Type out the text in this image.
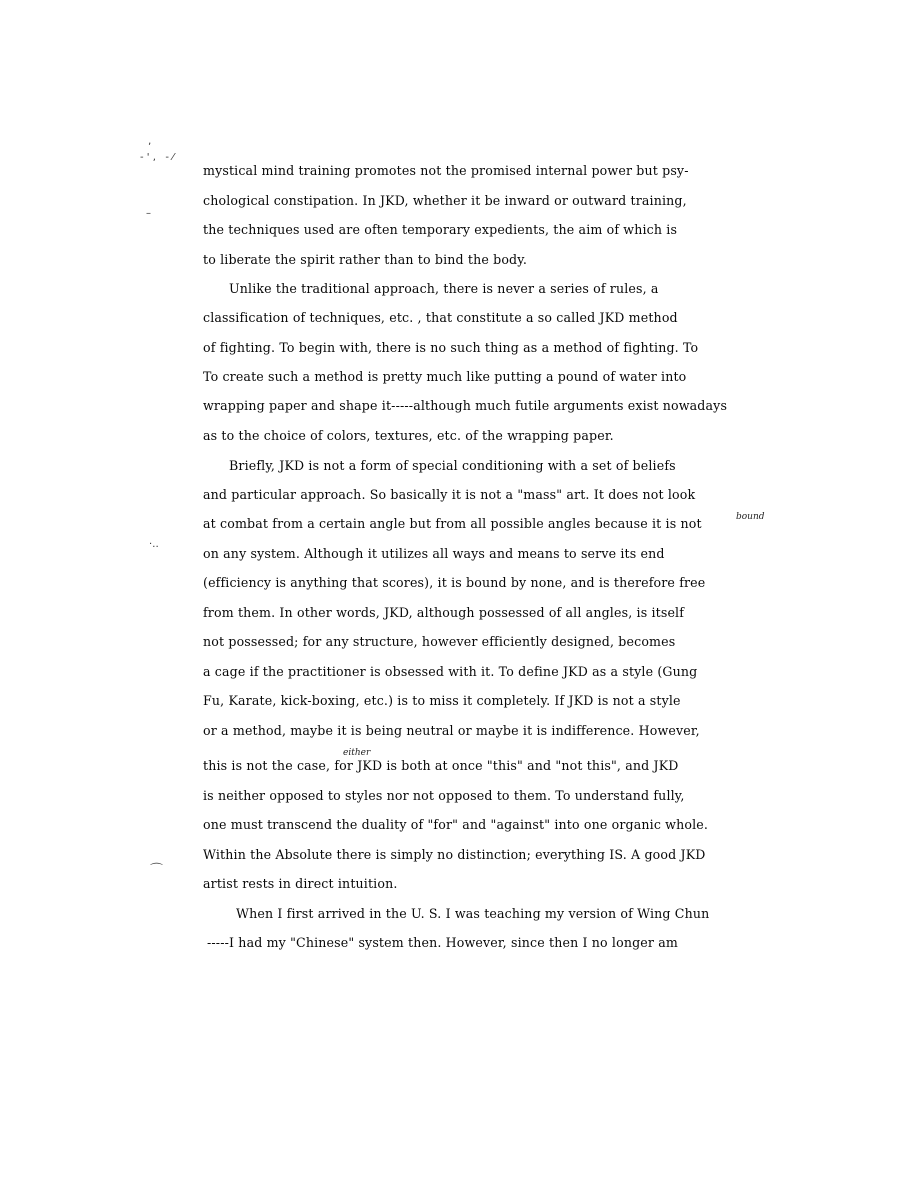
‚
‐ ' ,   ‐ ⁄
–
·‥
⌒
mystical mind training promotes not the promised internal power but psy-
chological constipation. In JKD, whether it be inward or outward training,
the techniques used are often temporary expedients, the aim of which is
to liberate the spirit rather than to bind the body.
Unlike the traditional approach, there is never a series of rules, a
classification of techniques, etc. , that constitute a so called JKD method
of fighting. To begin with, there is no such thing as a method of fighting. To
To create such a method is pretty much like putting a pound of water into
wrapping paper and shape it-----although much futile arguments exist nowadays
as to the choice of colors, textures, etc. of the wrapping paper.
Briefly, JKD is not a form of special conditioning with a set of beliefs
and particular approach. So basically it is not a "mass" art. It does not look
at combat from a certain angle but from all possible angles because it is not
on any system. Although it utilizes all ways and means to serve its end
(efficiency is anything that scores), it is bound by none, and is therefore free
from them. In other words, JKD, although possessed of all angles, is itself
not possessed; for any structure, however efficiently designed, becomes
a cage if the practitioner is obsessed with it. To define JKD as a style (Gung
Fu, Karate, kick-boxing, etc.) is to miss it completely. If JKD is not a style
or a method, maybe it is being neutral or maybe it is indifference. However,
this is not the case, for JKD is both at once "this" and "not this", and JKD
is neither opposed to styles nor not opposed to them. To understand fully,
one must transcend the duality of "for" and "against" into one organic whole.
Within the Absolute there is simply no distinction; everything IS. A good JKD
artist rests in direct intuition.
When I first arrived in the U. S. I was teaching my version of Wing Chun
-----I had my "Chinese" system then. However, since then I no longer am
bound
either
